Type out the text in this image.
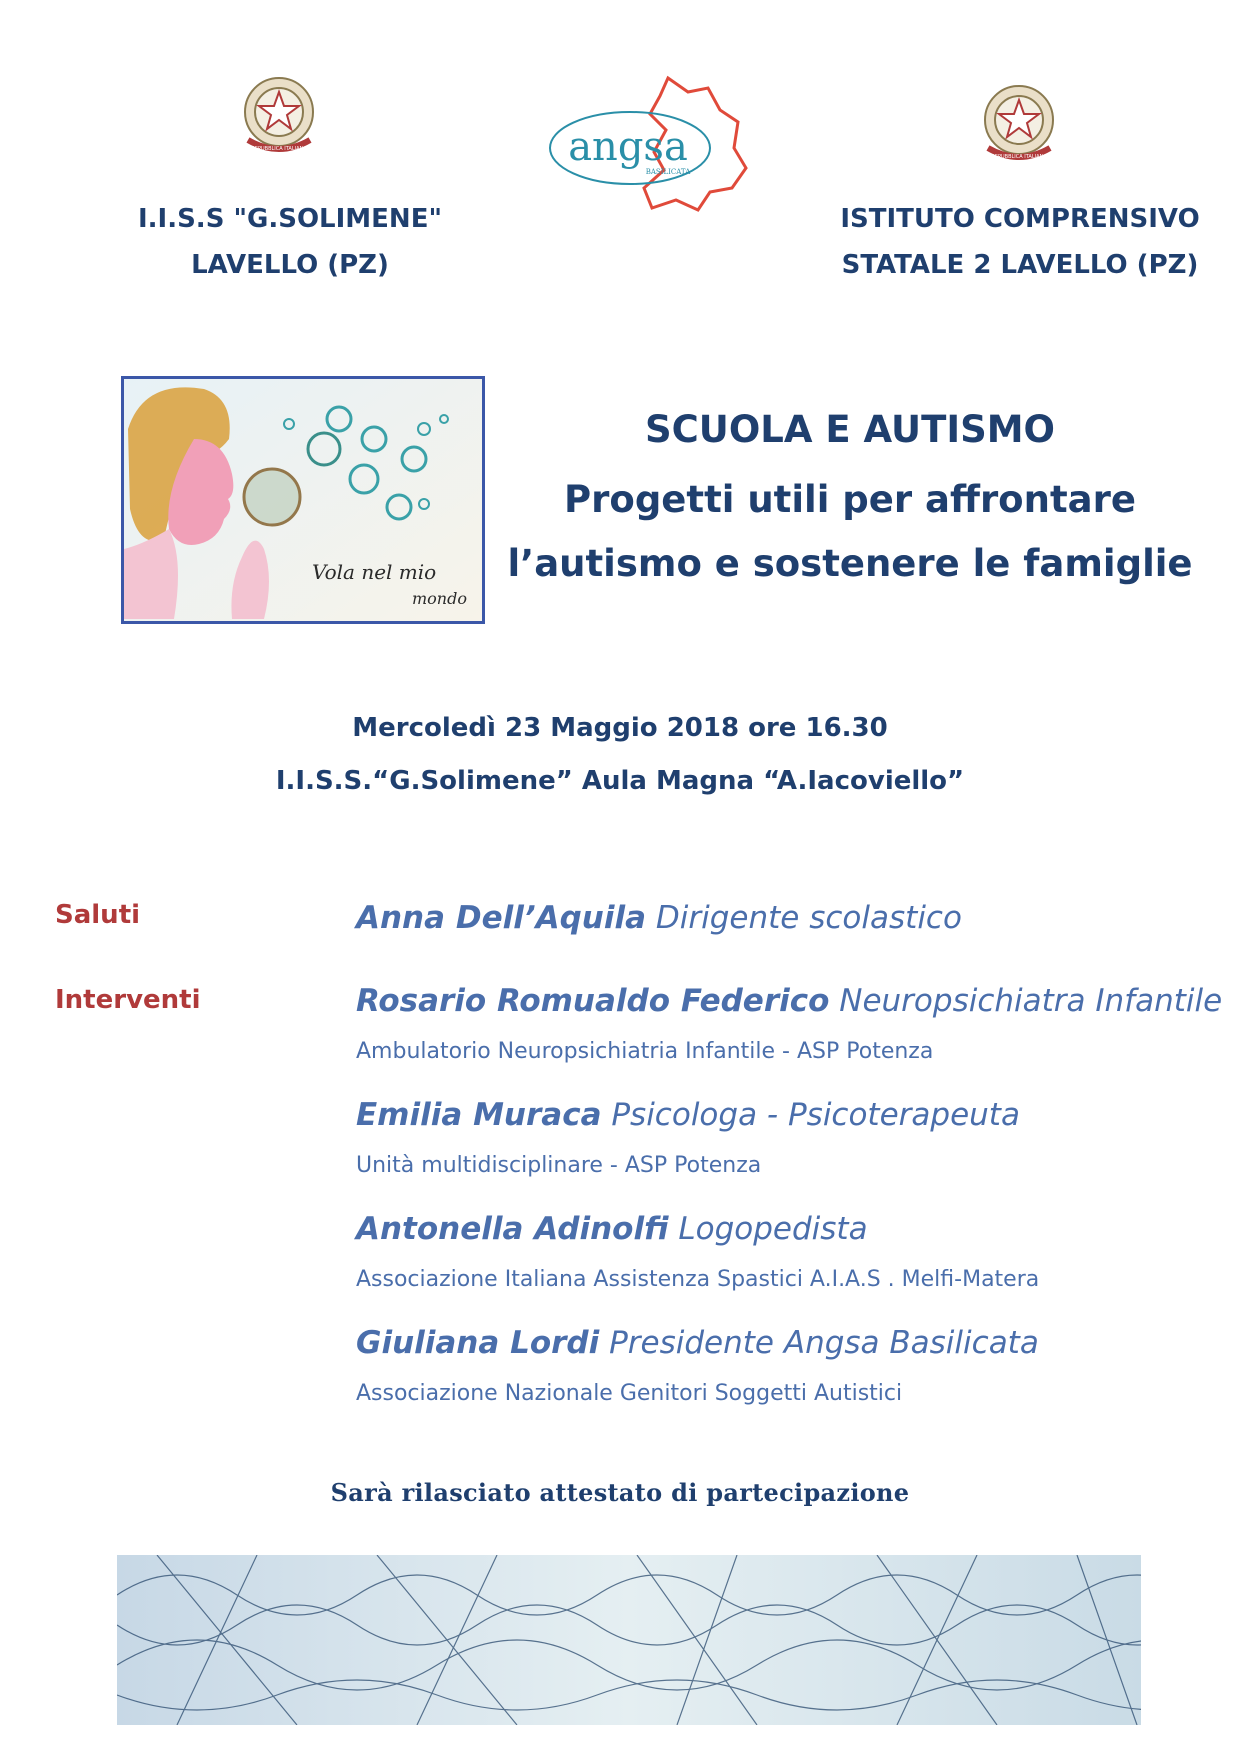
REPUBBLICA ITALIANA
REPUBBLICA ITALIANA
angsa
BASILICATA
I.I.S.S "G.SOLIMENE"
LAVELLO (PZ)
ISTITUTO COMPRENSIVO
STATALE 2 LAVELLO (PZ)
Vola nel mio
mondo
SCUOLA E AUTISMO
Progetti utili per affrontare
l’autismo e sostenere le famiglie
Mercoledì 23 Maggio 2018 ore 16.30
I.I.S.S.“G.Solimene” Aula Magna “A.Iacoviello”
Saluti	Anna Dell’Aquila Dirigente scolastico
Interventi	Rosario Romualdo Federico Neuropsichiatra Infantile
Ambulatorio Neuropsichiatria Infantile - ASP Potenza
Emilia Muraca Psicologa - Psicoterapeuta
Unità multidisciplinare - ASP Potenza
Antonella Adinolfi Logopedista
Associazione Italiana Assistenza Spastici A.I.A.S . Melfi-Matera
Giuliana Lordi Presidente Angsa Basilicata
Associazione Nazionale Genitori Soggetti Autistici
Sarà rilasciato attestato di partecipazione
